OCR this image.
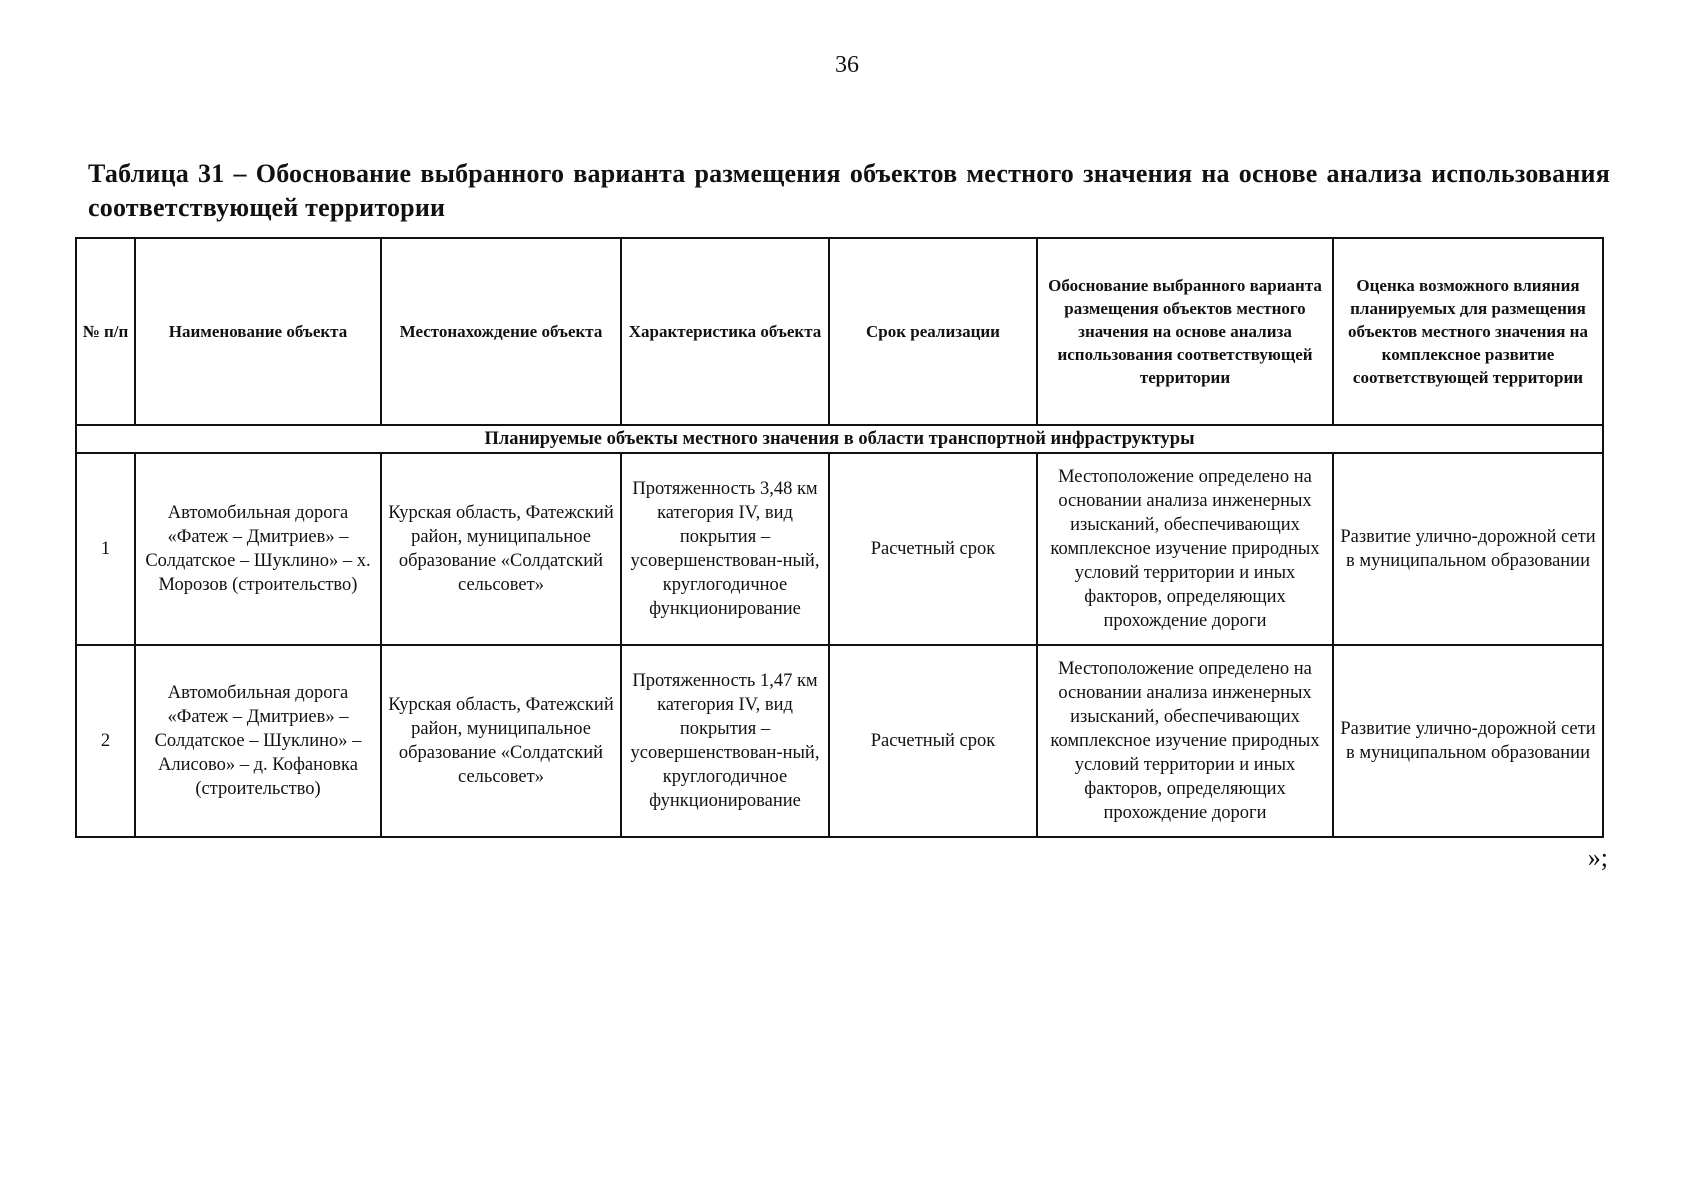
36
Таблица 31 – Обоснование выбранного варианта размещения объектов местного значения на основе анализа использования соответствующей территории
№ п/п	Наименование объекта	Местонахождение объекта	Характеристика объекта	Срок реализации	Обоснование выбранного варианта размещения объектов местного значения на основе анализа использования соответствующей территории	Оценка возможного влияния планируемых для размещения объектов местного значения на комплексное развитие соответствующей территории
Планируемые объекты местного значения в области транспортной инфраструктуры						
1	Автомобильная дорога «Фатеж – Дмитриев» – Солдатское – Шуклино» – х. Морозов (строительство)	Курская область, Фатежский район, муниципальное образование «Солдатский сельсовет»	Протяженность 3,48 км категория IV, вид покрытия – усовершенствован-ный, круглогодичное функционирование	Расчетный срок	Местоположение определено на основании анализа инженерных изысканий, обеспечивающих комплексное изучение природных условий территории и иных факторов, определяющих прохождение дороги	Развитие улично-дорожной сети в муниципальном образовании
2	Автомобильная дорога «Фатеж – Дмитриев» – Солдатское – Шуклино» – Алисово» – д. Кофановка (строительство)	Курская область, Фатежский район, муниципальное образование «Солдатский сельсовет»	Протяженность 1,47 км категория IV, вид покрытия – усовершенствован-ный, круглогодичное функционирование	Расчетный срок	Местоположение определено на основании анализа инженерных изысканий, обеспечивающих комплексное изучение природных условий территории и иных факторов, определяющих прохождение дороги	Развитие улично-дорожной сети в муниципальном образовании
»;
